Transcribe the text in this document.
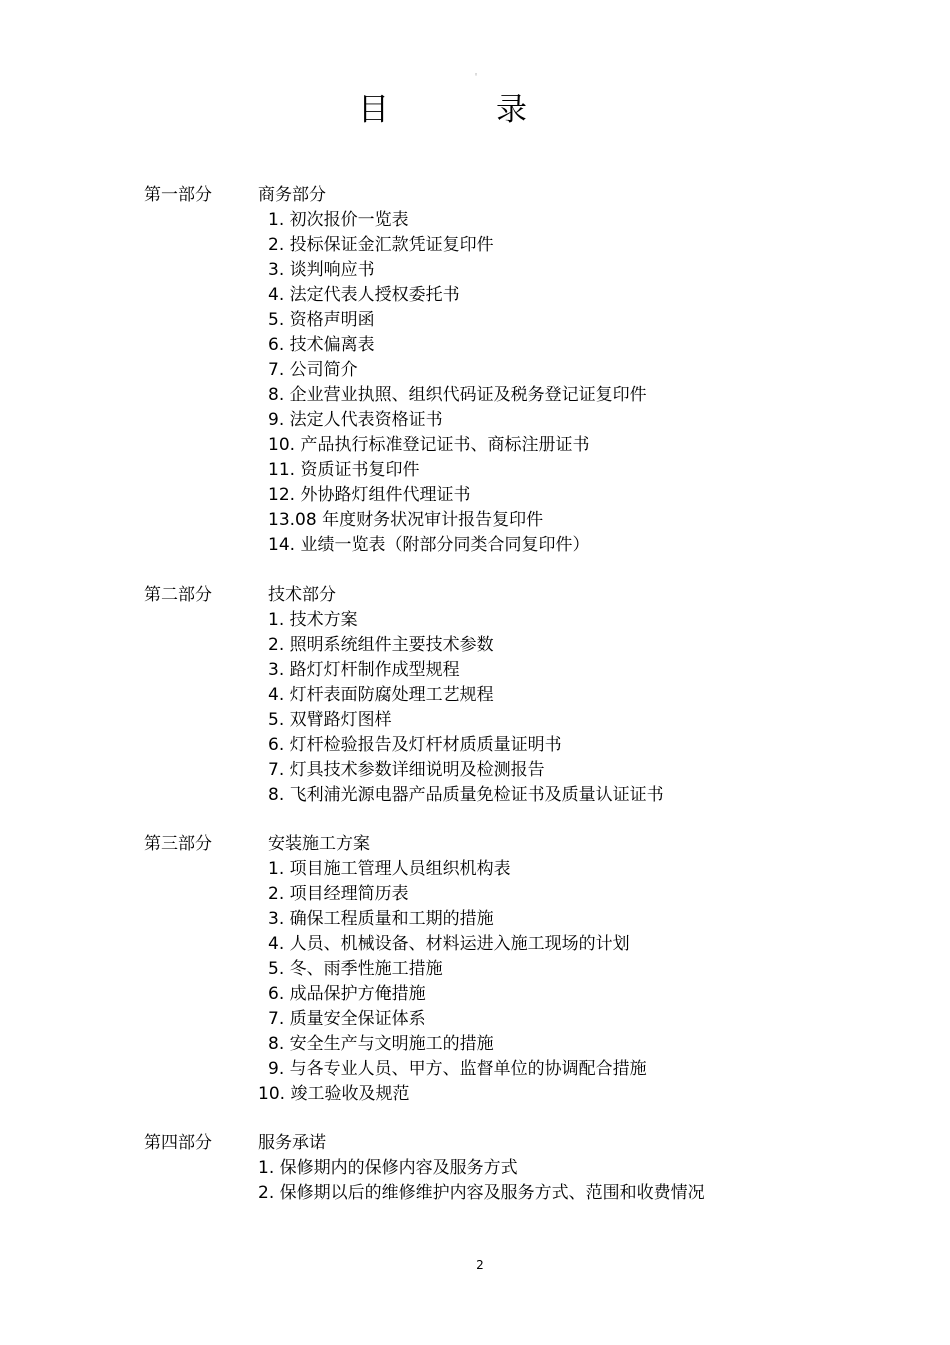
◦
目	录
第一部分	商务部分
1. 初次报价一览表
2. 投标保证金汇款凭证复印件
3. 谈判响应书
4. 法定代表人授权委托书
5. 资格声明函
6. 技术偏离表
7. 公司简介
8. 企业营业执照、组织代码证及税务登记证复印件
9. 法定人代表资格证书
10. 产品执行标准登记证书、商标注册证书
11. 资质证书复印件
12. 外协路灯组件代理证书
13.08 年度财务状况审计报告复印件
14. 业绩一览表（附部分同类合同复印件）
第二部分	技术部分
1. 技术方案
2. 照明系统组件主要技术参数
3. 路灯灯杆制作成型规程
4. 灯杆表面防腐处理工艺规程
5. 双臂路灯图样
6. 灯杆检验报告及灯杆材质质量证明书
7. 灯具技术参数详细说明及检测报告
8. 飞利浦光源电器产品质量免检证书及质量认证证书
第三部分	安装施工方案
1. 项目施工管理人员组织机构表
2. 项目经理简历表
3. 确保工程质量和工期的措施
4. 人员、机械设备、材料运进入施工现场的计划
5. 冬、雨季性施工措施
6. 成品保护方俺措施
7. 质量安全保证体系
8. 安全生产与文明施工的措施
9. 与各专业人员、甲方、监督单位的协调配合措施
10. 竣工验收及规范
第四部分	服务承诺
1. 保修期内的保修内容及服务方式
2. 保修期以后的维修维护内容及服务方式、范围和收费情况
2
